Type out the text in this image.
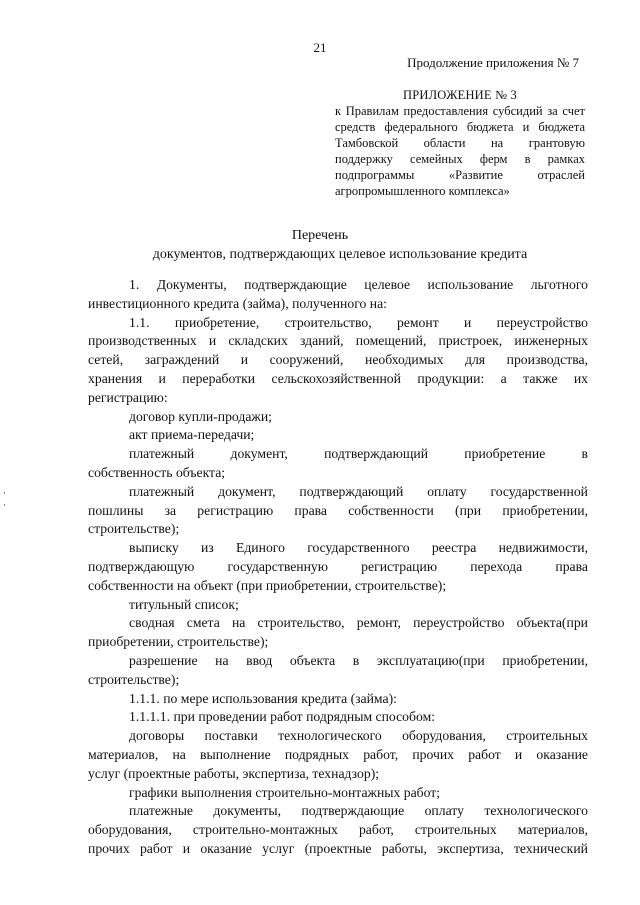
21
Продолжение приложения № 7
ПРИЛОЖЕНИЕ № 3
к Правилам предоставления субсидий за счет
средств федерального бюджета и бюджета
Тамбовской области на грантовую
поддержку семейных ферм в рамках
подпрограммы «Развитие отраслей
агропромышленного комплекса»
Перечень
документов, подтверждающих целевое использование кредита
1. Документы, подтверждающие целевое использование льготного
инвестиционного кредита (займа), полученного на:
1.1. приобретение, строительство, ремонт и переустройство
производственных и складских зданий, помещений, пристроек, инженерных
сетей, заграждений и сооружений, необходимых для производства,
хранения и переработки сельскохозяйственной продукции: а также их
регистрацию:
договор купли-продажи;
акт приема-передачи;
платежный документ, подтверждающий приобретение в
собственность объекта;
платежный документ, подтверждающий оплату государственной
пошлины за регистрацию права собственности (при приобретении,
строительстве);
выписку из Единого государственного реестра недвижимости,
подтверждающую государственную регистрацию перехода права
собственности на объект (при приобретении, строительстве);
титульный список;
сводная смета на строительство, ремонт, переустройство объекта(при
приобретении, строительстве);
разрешение на ввод объекта в эксплуатацию(при приобретении,
строительстве);
1.1.1. по мере использования кредита (займа):
1.1.1.1. при проведении работ подрядным способом:
договоры поставки технологического оборудования, строительных
материалов, на выполнение подрядных работ, прочих работ и оказание
услуг (проектные работы, экспертиза, технадзор);
графики выполнения строительно-монтажных работ;
платежные документы, подтверждающие оплату технологического
оборудования, строительно-монтажных работ, строительных материалов,
прочих работ и оказание услуг (проектные работы, экспертиза, технический
